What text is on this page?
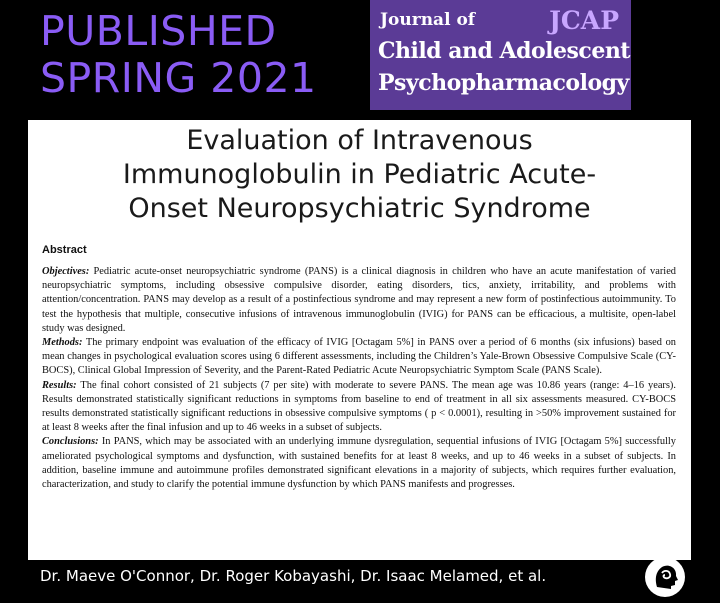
PUBLISHED
SPRING 2021
Journal of	JCAP
Child and Adolescent
Psychopharmacology
Evaluation of Intravenous
Immunoglobulin in Pediatric Acute-
Onset Neuropsychiatric Syndrome
Abstract

Objectives: Pediatric acute-onset neuropsychiatric syndrome (PANS) is a clinical diagnosis in children who have an acute manifestation of varied neuropsychiatric symptoms, including obsessive compulsive disorder, eating disorders, tics, anxiety, irritability, and problems with attention/concentration. PANS may develop as a result of a postinfectious syndrome and may represent a new form of postinfectious autoimmunity. To test the hypothesis that multiple, consecutive infusions of intravenous immunoglobulin (IVIG) for PANS can be efficacious, a multisite, open-label study was designed.

Methods: The primary endpoint was evaluation of the efficacy of IVIG [Octagam 5%] in PANS over a period of 6 months (six infusions) based on mean changes in psychological evaluation scores using 6 different assessments, including the Children’s Yale-Brown Obsessive Compulsive Scale (CY-BOCS), Clinical Global Impression of Severity, and the Parent-Rated Pediatric Acute Neuropsychiatric Symptom Scale (PANS Scale).

Results: The final cohort consisted of 21 subjects (7 per site) with moderate to severe PANS. The mean age was 10.86 years (range: 4–16 years). Results demonstrated statistically significant reductions in symptoms from baseline to end of treatment in all six assessments measured. CY-BOCS results demonstrated statistically significant reductions in obsessive compulsive symptoms ( p < 0.0001), resulting in >50% improvement sustained for at least 8 weeks after the final infusion and up to 46 weeks in a subset of subjects.

Conclusions: In PANS, which may be associated with an underlying immune dysregulation, sequential infusions of IVIG [Octagam 5%] successfully ameliorated psychological symptoms and dysfunction, with sustained benefits for at least 8 weeks, and up to 46 weeks in a subset of subjects. In addition, baseline immune and autoimmune profiles demonstrated significant elevations in a majority of subjects, which requires further evaluation, characterization, and study to clarify the potential immune dysfunction by which PANS manifests and progresses.

Dr. Maeve O'Connor, Dr. Roger Kobayashi, Dr. Isaac Melamed, et al.
